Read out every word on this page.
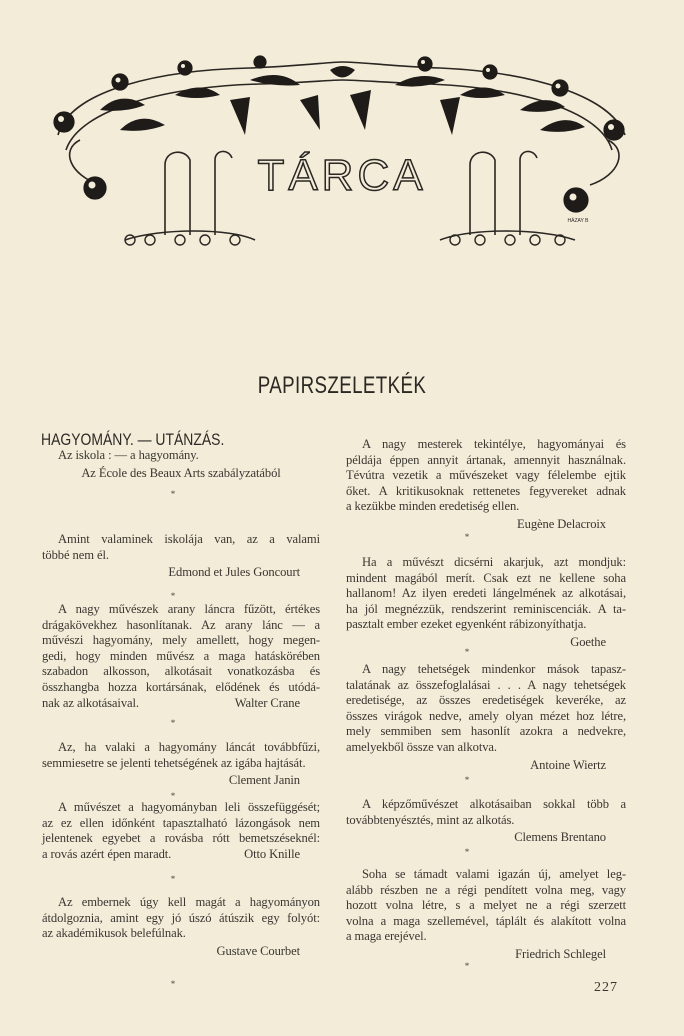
TÁRCA
HÁZAY B
PAPIRSZELETKÉK
HAGYOMÁNY. — UTÁNZÁS.
Az iskola : — a hagyomány.
Az École des Beaux Arts szabályzatából
Amint valaminek iskolája van, az a valami
többé nem él.
Edmond et Jules Goncourt
A nagy művészek arany láncra fűzött, értékes
drágakövekhez hasonlítanak. Az arany lánc — a
művészi hagyomány, mely amellett, hogy megen-
gedi, hogy minden művész a maga hatáskörében
szabadon alkosson, alkotásait vonatkozásba és
összhangba hozza kortársának, elődének és utódá-
nak az alkotásaival.	Walter Crane
Az, ha valaki a hagyomány láncát továbbfűzi,
semmiesetre se jelenti tehetségének az igába hajtását.
Clement Janin
A művészet a hagyományban leli összefüggését;
az ez ellen időnként tapasztalható lázongások nem
jelentenek egyebet a rovásba rótt bemetszéseknél:
a rovás azért épen maradt.	Otto Knille
Az embernek úgy kell magát a hagyományon
átdolgoznia, amint egy jó úszó átúszik egy folyót:
az akadémikusok belefúlnak.
Gustave Courbet
*
*
*
*
*
*
A nagy mesterek tekintélye, hagyományai és
példája éppen annyit ártanak, amennyit használnak.
Tévútra vezetik a művészeket vagy félelembe ejtik
őket. A kritikusoknak rettenetes fegyvereket adnak
a kezükbe minden eredetiség ellen.
Eugène Delacroix
Ha a művészt dicsérni akarjuk, azt mondjuk:
mindent magából merít. Csak ezt ne kellene soha
hallanom! Az ilyen eredeti lángelmének az alkotásai,
ha jól megnézzük, rendszerint reminiscenciák. A ta-
pasztalt ember ezeket egyenként rábizonyíthatja.
Goethe
A nagy tehetségek mindenkor mások tapasz-
talatának az összefoglalásai . . . A nagy tehetségek
eredetisége, az összes eredetiségek keveréke, az
összes virágok nedve, amely olyan mézet hoz létre,
mely semmiben sem hasonlít azokra a nedvekre,
amelyekből össze van alkotva.
Antoine Wiertz
A képzőművészet alkotásaiban sokkal több a
továbbtenyésztés, mint az alkotás.
Clemens Brentano
Soha se támadt valami igazán új, amelyet leg-
alább részben ne a régi pendített volna meg, vagy
hozott volna létre, s a melyet ne a régi szerzett
volna a maga szellemével, táplált és alakított volna
a maga erejével.
Friedrich Schlegel
*
*
*
*
*
227
